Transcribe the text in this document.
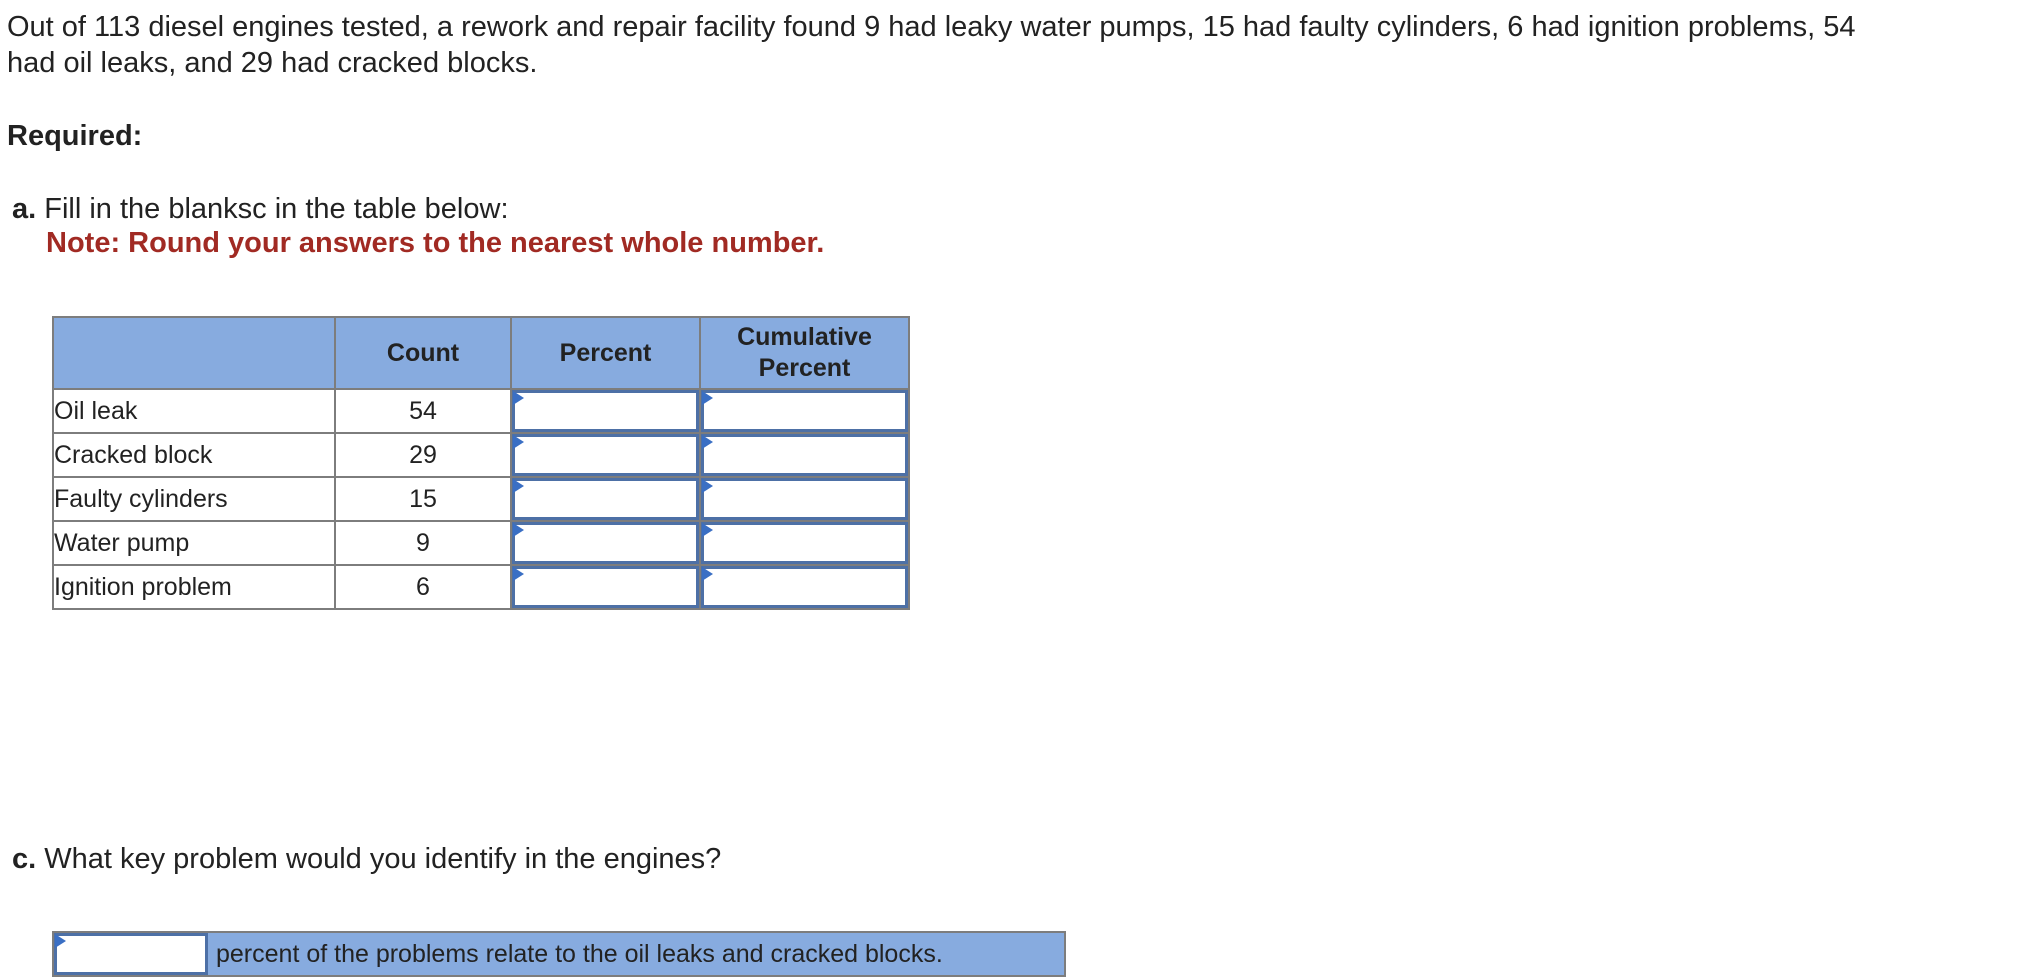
Out of 113 diesel engines tested, a rework and repair facility found 9 had leaky water pumps, 15 had faulty cylinders, 6 had ignition problems, 54 had oil leaks, and 29 had cracked blocks.

Required:

a. Fill in the blanksc in the table below:

Note: Round your answers to the nearest whole number.

	Count	Percent	Cumulative
Percent
Oil leak	54	

Cracked block	29	

Faulty cylinders	15	

Water pump	9	

Ignition problem	6	

c. What key problem would you identify in the engines?

percent of the problems relate to the oil leaks and cracked blocks.
